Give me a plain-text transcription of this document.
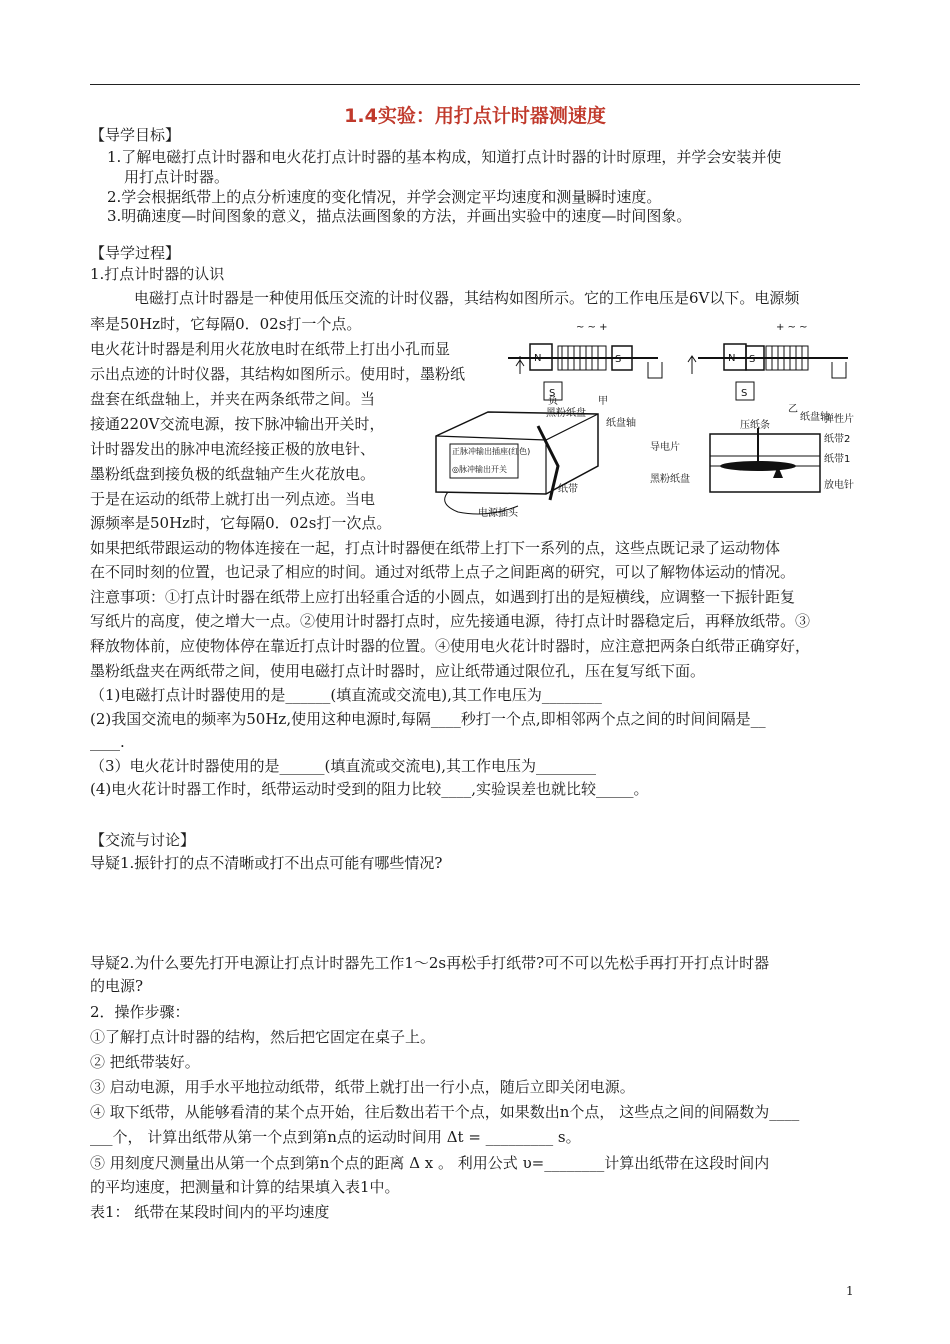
1.4实验：用打点计时器测速度
【导学目标】
1.了解电磁打点计时器和电火花打点计时器的基本构成，知道打点计时器的计时原理，并学会安装并使
用打点计时器。
2.学会根据纸带上的点分析速度的变化情况，并学会测定平均速度和测量瞬时速度。
3.明确速度—时间图象的意义，描点法画图象的方法，并画出实验中的速度—时间图象。
【导学过程】
1.打点计时器的认识
电磁打点计时器是一种使用低压交流的计时仪器，其结构如图所示。它的工作电压是6V以下。电源频
率是50Hz时，它每隔0．02s打一个点。
电火花计时器是利用火花放电时在纸带上打出小孔而显
示出点迹的计时仪器，其结构如图所示。使用时，墨粉纸
盘套在纸盘轴上，并夹在两条纸带之间。当
接通220V交流电源，按下脉冲输出开关时，
计时器发出的脉冲电流经接正极的放电针、
墨粉纸盘到接负极的纸盘轴产生火花放电。
于是在运动的纸带上就打出一列点迹。当电
源频率是50Hz时，它每隔0．02s打一次点。
如果把纸带跟运动的物体连接在一起，打点计时器便在纸带上打下一系列的点，这些点既记录了运动物体
在不同时刻的位置，也记录了相应的时间。通过对纸带上点子之间距离的研究，可以了解物体运动的情况。
注意事项：①打点计时器在纸带上应打出轻重合适的小圆点，如遇到打出的是短横线，应调整一下振针距复
写纸片的高度，使之增大一点。②使用计时器打点时，应先接通电源，待打点计时器稳定后，再释放纸带。③
释放物体前，应使物体停在靠近打点计时器的位置。④使用电火花计时器时，应注意把两条白纸带正确穿好，
墨粉纸盘夹在两纸带之间，使用电磁打点计时器时，应让纸带通过限位孔，压在复写纸下面。
（1)电磁打点计时器使用的是______(填直流或交流电),其工作电压为________
(2)我国交流电的频率为50Hz,使用这种电源时,每隔____秒打一个点,即相邻两个点之间的时间间隔是__
____.
（3）电火花计时器使用的是______(填直流或交流电),其工作电压为________
(4)电火花计时器工作时，纸带运动时受到的阻力比较____,实验误差也就比较_____。
【交流与讨论】
导疑1.振针打的点不清晰或打不出点可能有哪些情况?
导疑2.为什么要先打开电源让打点计时器先工作1～2s再松手打纸带?可不可以先松手再打开打点计时器
的电源?
2．操作步骤：
①了解打点计时器的结构，然后把它固定在桌子上。
② 把纸带装好。
③ 启动电源，用手水平地拉动纸带，纸带上就打出一行小点，随后立即关闭电源。
④ 取下纸带，从能够看清的某个点开始，往后数出若干个点，如果数出n个点， 这些点之间的间隔数为____
___个， 计算出纸带从第一个点到第n点的运动时间用 Δt = _________ s。
⑤ 用刻度尺测量出从第一个点到第n个点的距离 Δ x 。 利用公式 υ=________计算出纸带在这段时间内
的平均速度，把测量和计算的结果填入表1中。
表1： 纸带在某段时间内的平均速度
1
N	S
S
~ ~ +
负	甲
N S
S
+ ~ ~
乙
正脉冲输出插座(红色)
◎脉冲输出开关
黑粉纸盘
纸盘轴
纸带
电源插头
压纸条
纸盘轴
弹性片
导电片
纸带2
纸带1
黑粉纸盘
放电针
